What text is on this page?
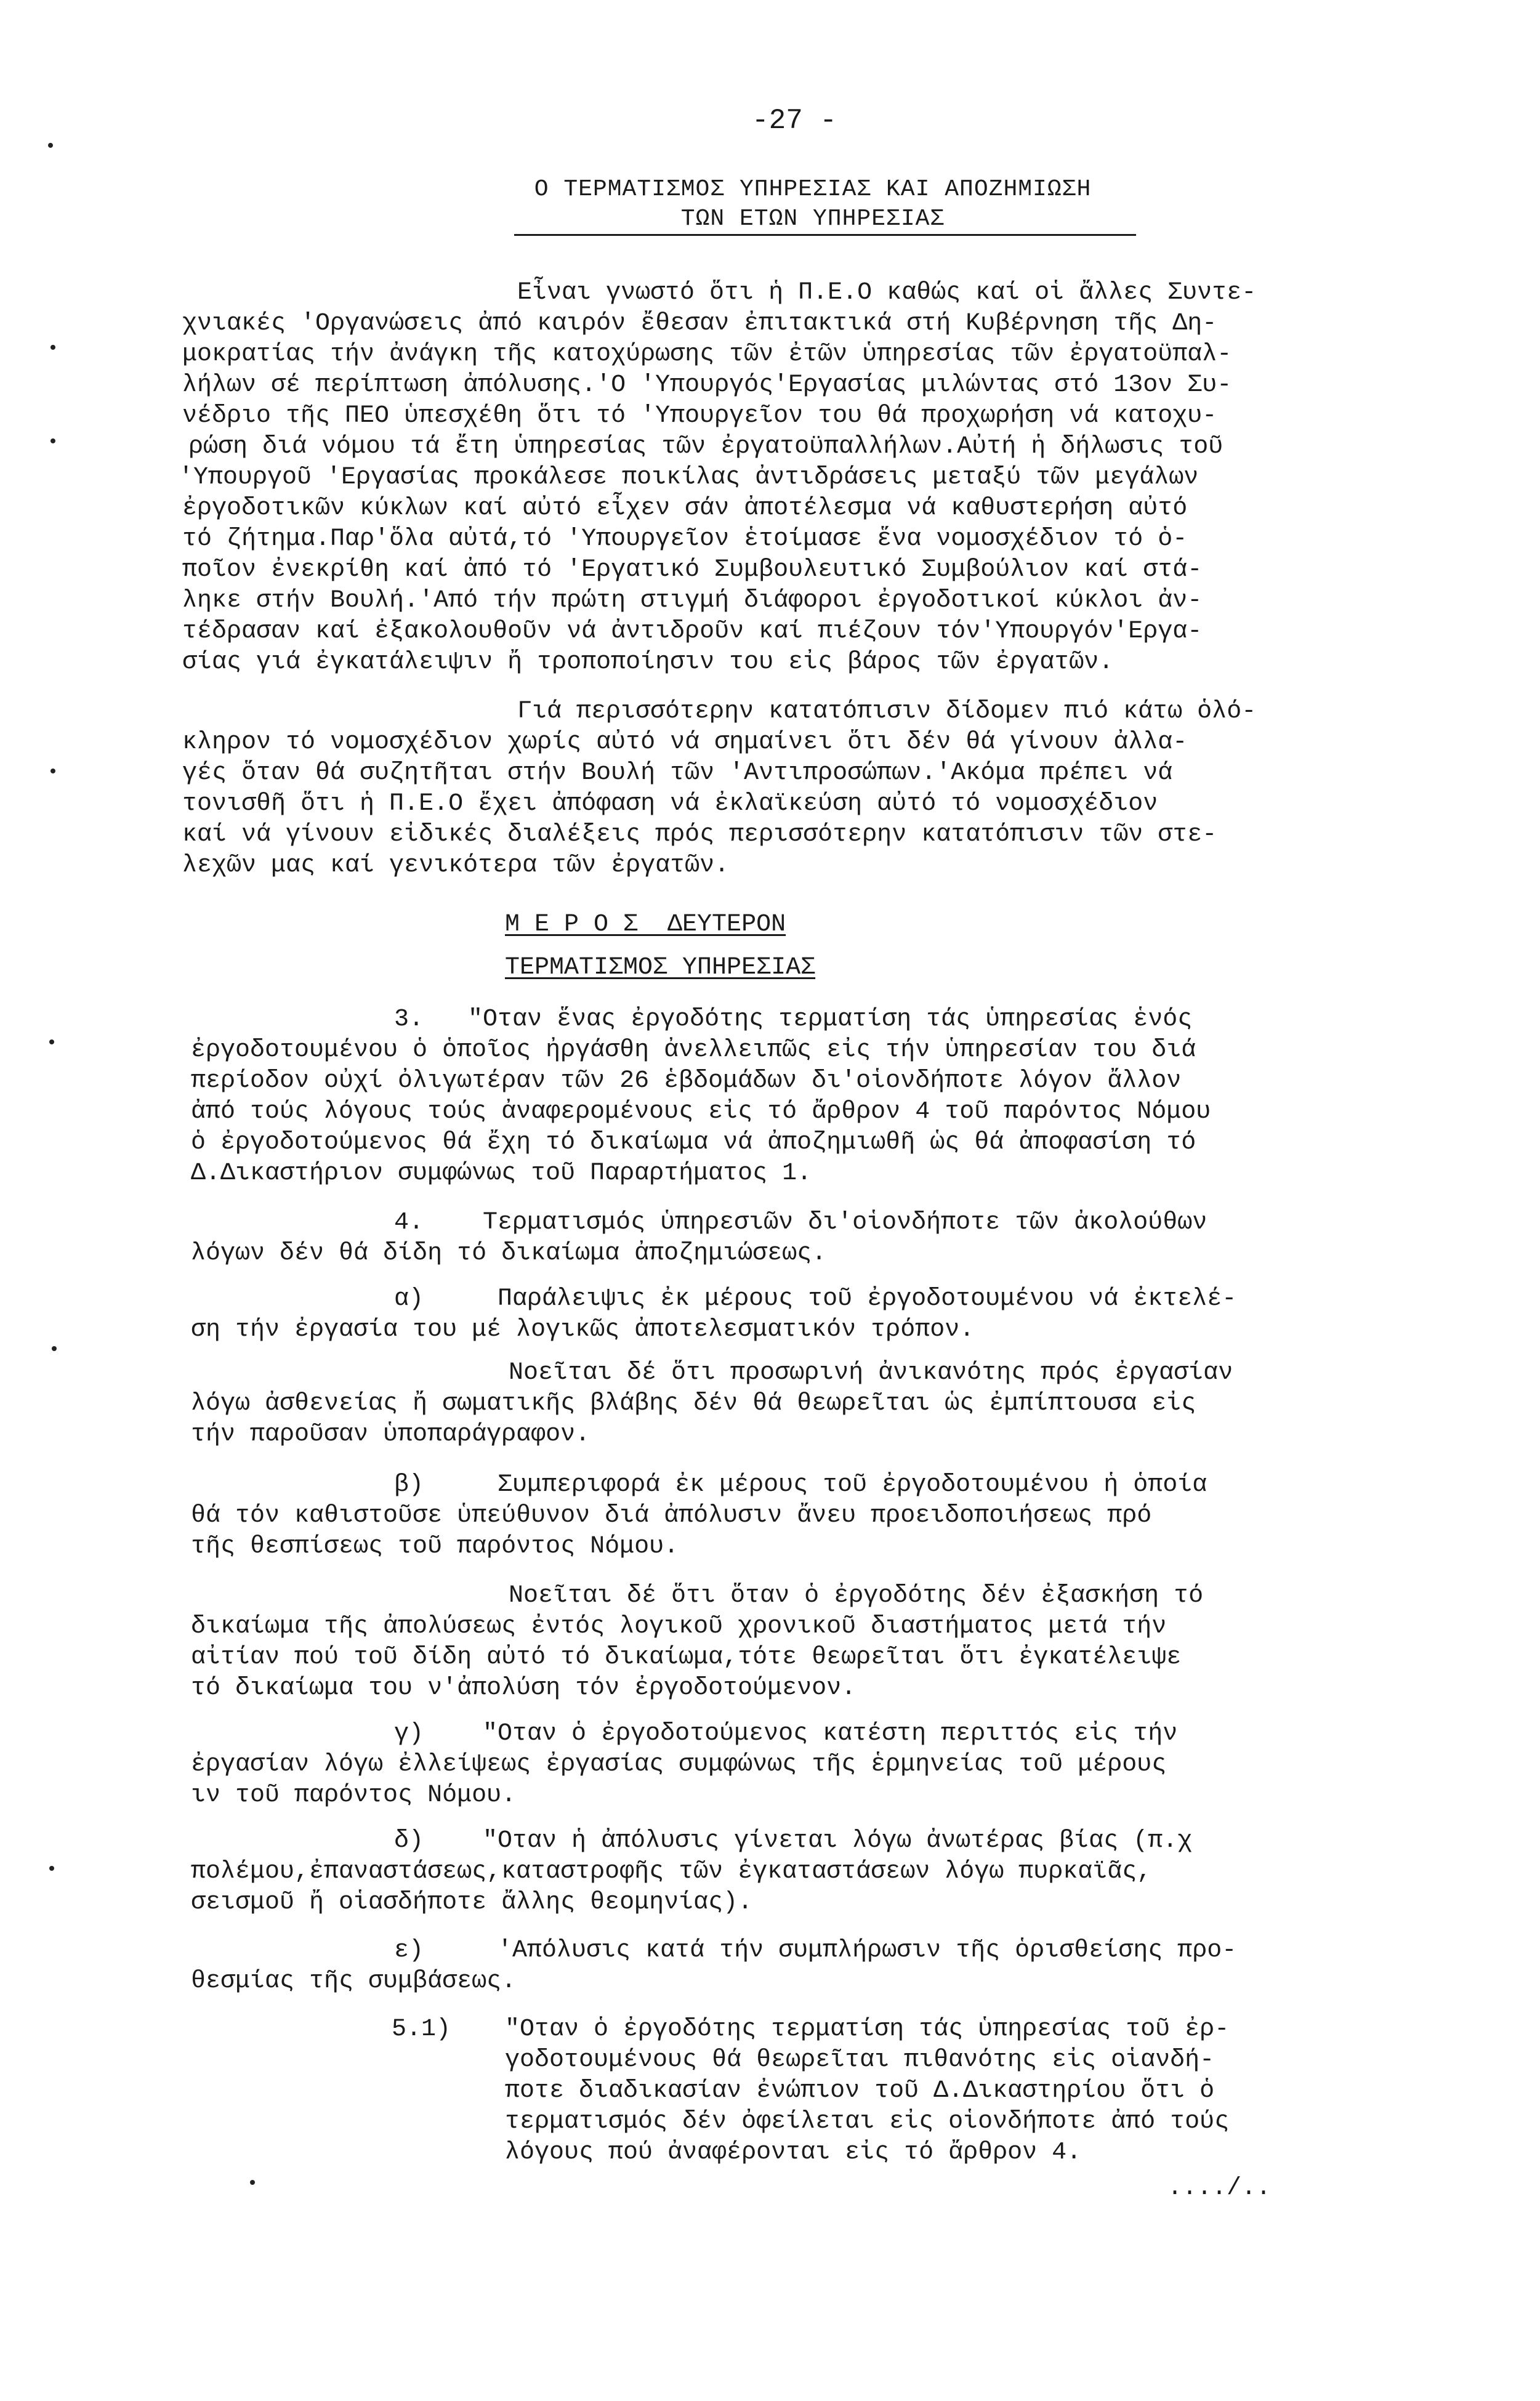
-27 -
Ο ΤΕΡΜΑΤΙΣΜΟΣ ΥΠΗΡΕΣΙΑΣ ΚΑΙ ΑΠΟΖΗΜΙΩΣΗ
ΤΩΝ ΕΤΩΝ ΥΠΗΡΕΣΙΑΣ
Εἶναι γνωστό ὅτι ἡ Π.Ε.Ο καθώς καί οἱ ἄλλες Συντε-
χνιακές 'Οργανώσεις ἀπό καιρόν ἔθεσαν ἐπιτακτικά στή Κυβέρνηση τῆς Δη-
μοκρατίας τήν ἀνάγκη τῆς κατοχύρωσης τῶν ἐτῶν ὑπηρεσίας τῶν ἐργατοϋπαλ-
λήλων σέ περίπτωση ἀπόλυσης.'Ο 'Υπουργός'Εργασίας μιλώντας στό 13ον Συ-
νέδριο τῆς ΠΕΟ ὑπεσχέθη ὅτι τό 'Υπουργεῖον του θά προχωρήση νά κατοχυ-
ρώση διά νόμου τά ἔτη ὑπηρεσίας τῶν ἐργατοϋπαλλήλων.Αὐτή ἡ δήλωσις τοῦ
'Υπουργοῦ 'Εργασίας προκάλεσε ποικίλας ἀντιδράσεις μεταξύ τῶν μεγάλων
ἐργοδοτικῶν κύκλων καί αὐτό εἶχεν σάν ἀποτέλεσμα νά καθυστερήση αὐτό
τό ζήτημα.Παρ'ὅλα αὐτά,τό 'Υπουργεῖον ἑτοίμασε ἕνα νομοσχέδιον τό ὁ-
ποῖον ἐνεκρίθη καί ἀπό τό 'Εργατικό Συμβουλευτικό Συμβούλιον καί στά-
ληκε στήν Βουλή.'Από τήν πρώτη στιγμή διάφοροι ἐργοδοτικοί κύκλοι ἀν-
τέδρασαν καί ἐξακολουθοῦν νά ἀντιδροῦν καί πιέζουν τόν'Υπουργόν'Εργα-
σίας γιά ἐγκατάλειψιν ἤ τροποποίησιν του εἰς βάρος τῶν ἐργατῶν.
Γιά περισσότερην κατατόπισιν δίδομεν πιό κάτω ὁλό-
κληρον τό νομοσχέδιον χωρίς αὐτό νά σημαίνει ὅτι δέν θά γίνουν ἀλλα-
γές ὅταν θά συζητῆται στήν Βουλή τῶν 'Αντιπροσώπων.'Ακόμα πρέπει νά
τονισθῆ ὅτι ἡ Π.Ε.Ο ἔχει ἀπόφαση νά ἐκλαϊκεύση αὐτό τό νομοσχέδιον
καί νά γίνουν εἰδικές διαλέξεις πρός περισσότερην κατατόπισιν τῶν στε-
λεχῶν μας καί γενικότερα τῶν ἐργατῶν.
Μ Ε Ρ Ο Σ  ΔΕΥΤΕΡΟΝ
ΤΕΡΜΑΤΙΣΜΟΣ ΥΠΗΡΕΣΙΑΣ
3.   "Οταν ἕνας ἐργοδότης τερματίση τάς ὑπηρεσίας ἑνός
ἐργοδοτουμένου ὁ ὁποῖος ἠργάσθη ἀνελλειπῶς εἰς τήν ὑπηρεσίαν του διά
περίοδον οὐχί ὀλιγωτέραν τῶν 26 ἑβδομάδων δι'οἱονδήποτε λόγον ἄλλον
ἀπό τούς λόγους τούς ἀναφερομένους εἰς τό ἄρθρον 4 τοῦ παρόντος Νόμου
ὁ ἐργοδοτούμενος θά ἔχη τό δικαίωμα νά ἀποζημιωθῆ ὡς θά ἀποφασίση τό
Δ.Δικαστήριον συμφώνως τοῦ Παραρτήματος 1.
4.    Τερματισμός ὑπηρεσιῶν δι'οἱονδήποτε τῶν ἀκολούθων
λόγων δέν θά δίδη τό δικαίωμα ἀποζημιώσεως.
α)     Παράλειψις ἐκ μέρους τοῦ ἐργοδοτουμένου νά ἐκτελέ-
ση τήν ἐργασία του μέ λογικῶς ἀποτελεσματικόν τρόπον.
Νοεῖται δέ ὅτι προσωρινή ἀνικανότης πρός ἐργασίαν
λόγω ἀσθενείας ἤ σωματικῆς βλάβης δέν θά θεωρεῖται ὡς ἐμπίπτουσα εἰς
τήν παροῦσαν ὑποπαράγραφον.
β)     Συμπεριφορά ἐκ μέρους τοῦ ἐργοδοτουμένου ἡ ὁποία
θά τόν καθιστοῦσε ὑπεύθυνον διά ἀπόλυσιν ἄνευ προειδοποιήσεως πρό
τῆς θεσπίσεως τοῦ παρόντος Νόμου.
Νοεῖται δέ ὅτι ὅταν ὁ ἐργοδότης δέν ἐξασκήση τό
δικαίωμα τῆς ἀπολύσεως ἐντός λογικοῦ χρονικοῦ διαστήματος μετά τήν
αἰτίαν πού τοῦ δίδη αὐτό τό δικαίωμα,τότε θεωρεῖται ὅτι ἐγκατέλειψε
τό δικαίωμα του ν'ἀπολύση τόν ἐργοδοτούμενον.
γ)    "Οταν ὁ ἐργοδοτούμενος κατέστη περιττός εἰς τήν
ἐργασίαν λόγω ἐλλείψεως ἐργασίας συμφώνως τῆς ἑρμηνείας τοῦ μέρους
ιν τοῦ παρόντος Νόμου.
δ)    "Οταν ἡ ἀπόλυσις γίνεται λόγω ἀνωτέρας βίας (π.χ
πολέμου,ἐπαναστάσεως,καταστροφῆς τῶν ἐγκαταστάσεων λόγω πυρκαϊᾶς,
σεισμοῦ ἤ οἱασδήποτε ἄλλης θεομηνίας).
ε)     'Απόλυσις κατά τήν συμπλήρωσιν τῆς ὁρισθείσης προ-
θεσμίας τῆς συμβάσεως.
5.1) "Οταν ὁ ἐργοδότης τερματίση τάς ὑπηρεσίας τοῦ ἐρ-
γοδοτουμένους θά θεωρεῖται πιθανότης εἰς οἱανδή-
ποτε διαδικασίαν ἐνώπιον τοῦ Δ.Δικαστηρίου ὅτι ὁ
τερματισμός δέν ὀφείλεται εἰς οἱονδήποτε ἀπό τούς
λόγους πού ἀναφέρονται εἰς τό ἄρθρον 4.
..../..
